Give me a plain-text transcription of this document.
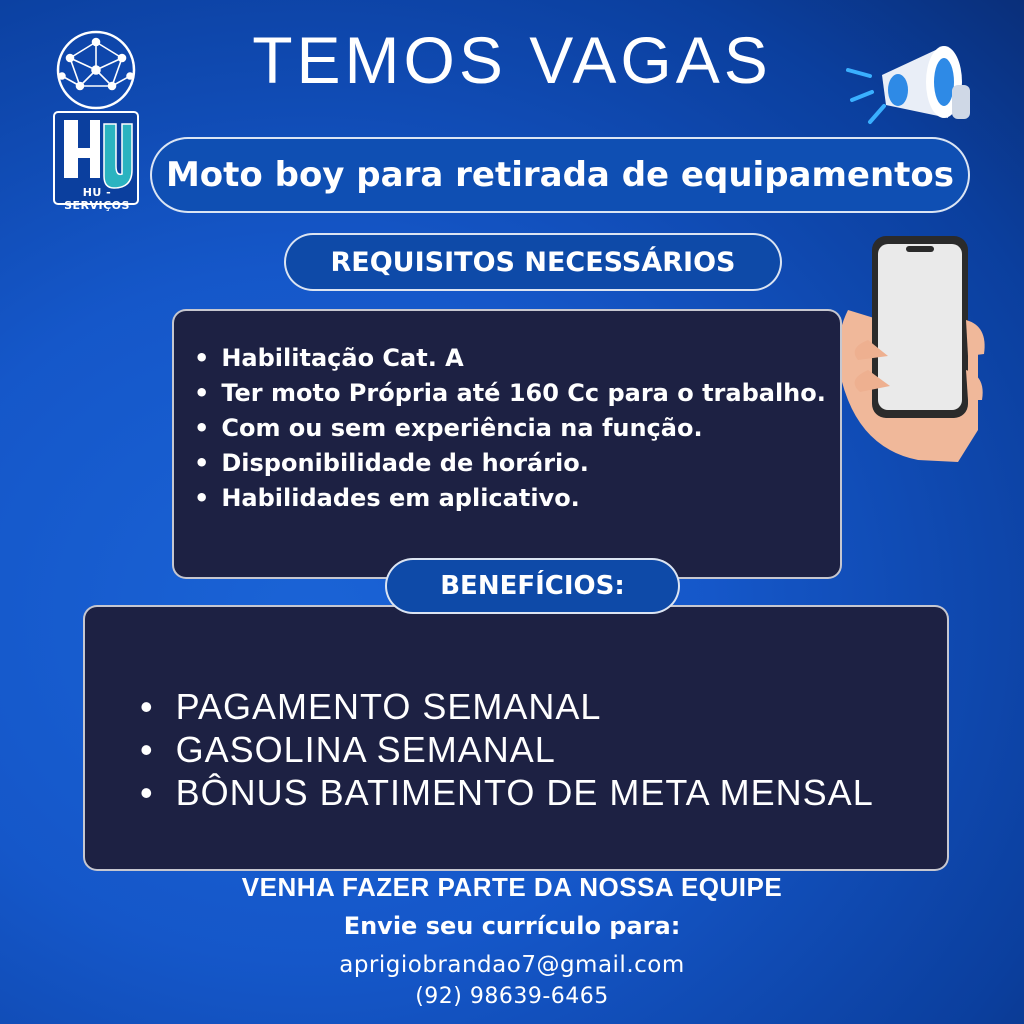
HU - SERVIÇOS
TEMOS VAGAS
Moto boy para retirada de equipamentos
REQUISITOS NECESSÁRIOS
• Habilitação Cat. A
• Ter moto Própria até 160 Cc para o trabalho.
• Com ou sem experiência na função.
• Disponibilidade de horário.
• Habilidades em aplicativo.
• PAGAMENTO SEMANAL
• GASOLINA SEMANAL
• BÔNUS BATIMENTO DE META MENSAL
BENEFÍCIOS:
VENHA FAZER PARTE DA NOSSA EQUIPE
Envie seu currículo para:
aprigiobrandao7@gmail.com
(92) 98639-6465
